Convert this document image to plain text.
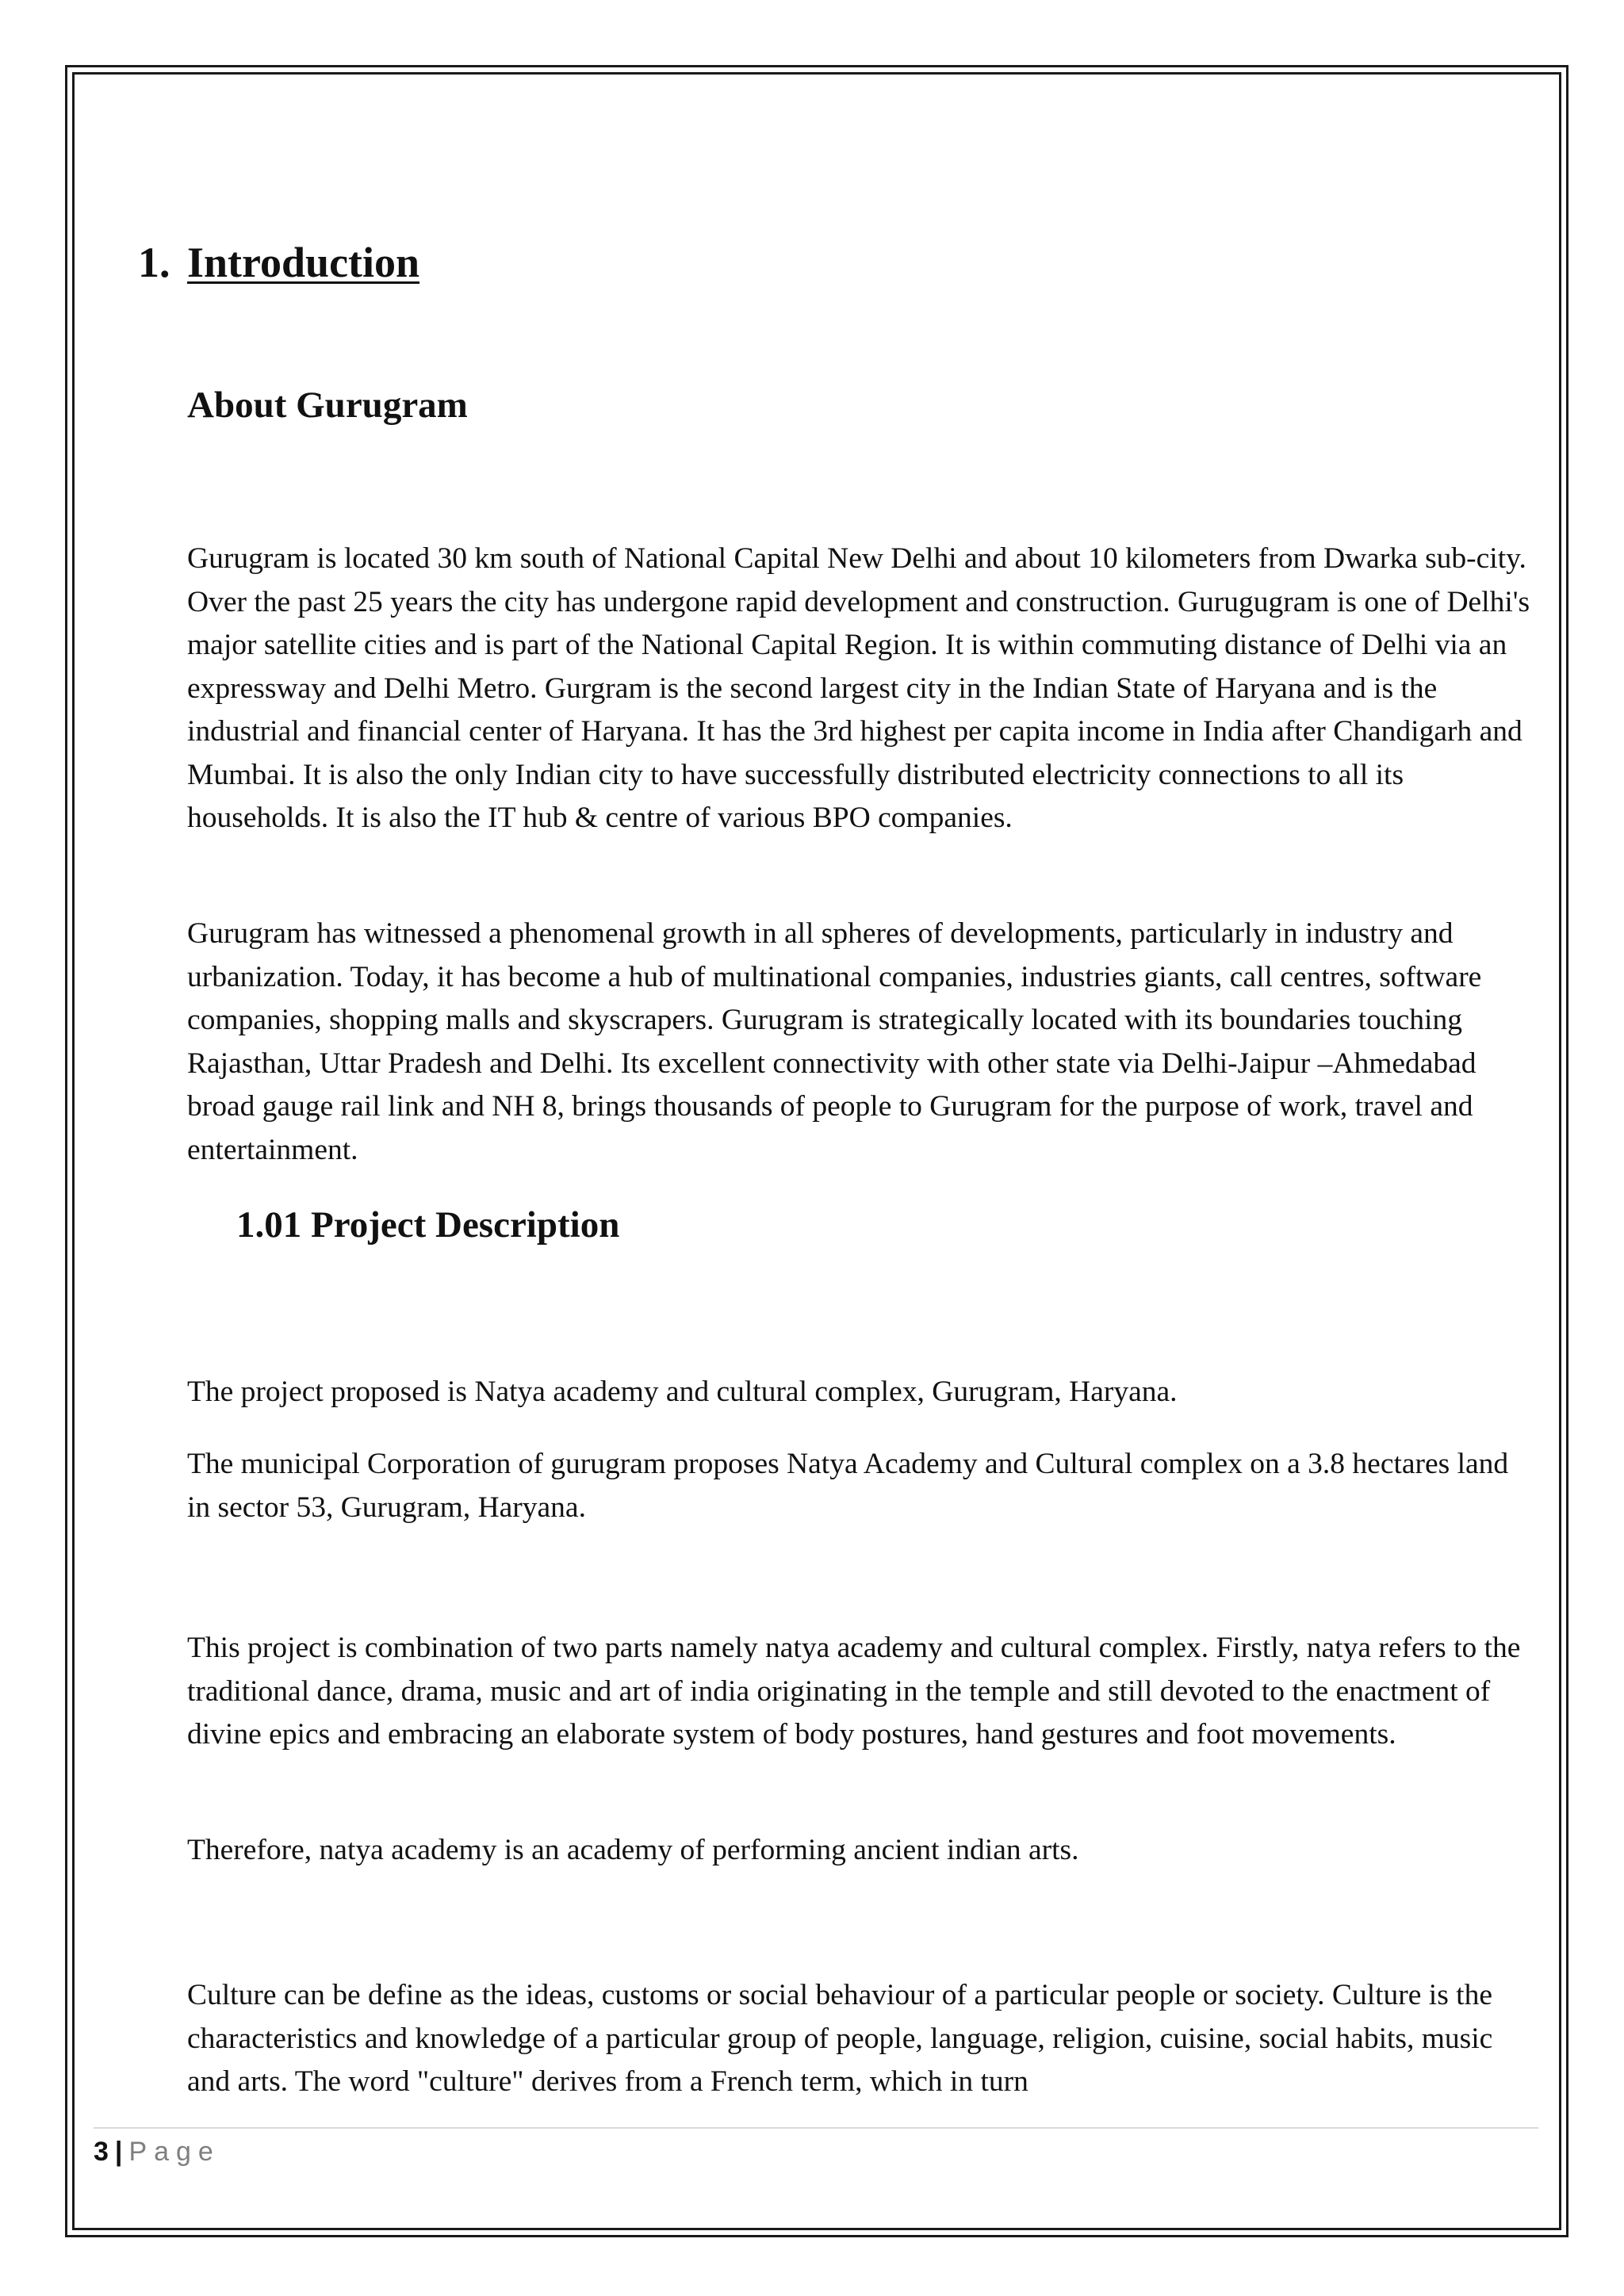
1. Introduction
About Gurugram

Gurugram is located 30 km south of National Capital New Delhi and about 10 kilometers from Dwarka sub-city. Over the past 25 years the city has undergone rapid development and construction. Gurugugram is one of Delhi's major satellite cities and is part of the National Capital Region. It is within commuting distance of Delhi via an expressway and Delhi Metro. Gurgram is the second largest city in the Indian State of Haryana and is the industrial and financial center of Haryana. It has the 3rd highest per capita income in India after Chandigarh and Mumbai. It is also the only Indian city to have successfully distributed electricity connections to all its households. It is also the IT hub & centre of various BPO companies.

Gurugram has witnessed a phenomenal growth in all spheres of developments, particularly in industry and urbanization. Today, it has become a hub of multinational companies, industries giants, call centres, software companies, shopping malls and skyscrapers. Gurugram is strategically located with its boundaries touching Rajasthan, Uttar Pradesh and Delhi. Its excellent connectivity with other state via Delhi-Jaipur –Ahmedabad broad gauge rail link and NH 8, brings thousands of people to Gurugram for the purpose of work, travel and entertainment.

1.01 Project Description

The project proposed is Natya academy and cultural complex, Gurugram, Haryana.

The municipal Corporation of gurugram proposes Natya Academy and Cultural complex on a 3.8 hectares land in sector 53, Gurugram, Haryana.

This project is combination of two parts namely natya academy and cultural complex. Firstly, natya refers to the traditional dance, drama, music and art of india originating in the temple and still devoted to the enactment of divine epics and embracing an elaborate system of body postures, hand gestures and foot movements.

Therefore, natya academy is an academy of performing ancient indian arts.

Culture can be define as the ideas, customs or social behaviour of a particular people or society. Culture is the characteristics and knowledge of a particular group of people, language, religion, cuisine, social habits, music and arts. The word "culture" derives from a French term, which in turn

3 | Page
